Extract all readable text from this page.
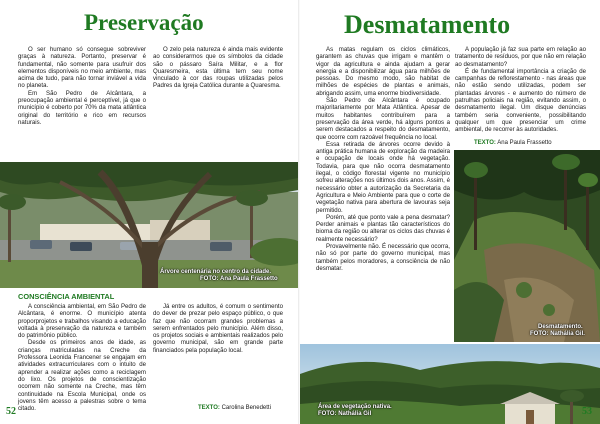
Preservação

O ser humano só consegue sobreviver graças à natureza. Portanto, preservar é fundamental, não somente para usufruir dos elementos disponíveis no meio ambiente, mas acima de tudo, para não tornar inviável a vida no planeta.

Em São Pedro de Alcântara, a preocupação ambiental é perceptível, já que o município é coberto por 70% da mata atlântica original do território e rico em recursos naturais.

O zelo pela natureza é ainda mais evidente ao considerarmos que os símbolos da cidade são o pássaro Saíra Militar, e a flor Quaresmeira, esta última tem seu nome vinculado à cor das roupas utilizadas pelos Padres da Igreja Católica durante a Quaresma.

Árvore centenária no centro da cidade.
FOTO: Ana Paula Frassetto
CONSCIÊNCIA AMBIENTAL

A consciência ambiental, em São Pedro de Alcântara, é enorme. O município atenta proporprojetos e trabalhos visando a educação voltada à preservação da natureza e também do patrimônio público.

Desde os primeiros anos de idade, as crianças matriculadas na Creche da Professora Leonida Francener se engajam em atividades extracurriculares com o intuito de aprender a realizar ações como a reciclagem do lixo. Os projetos de conscientização ocorrem não somente na Creche, mas têm continuidade na Escola Municipal, onde os jovens têm acesso a palestras sobre o tema citado.

Já entre os adultos, é comum o sentimento do dever de prezar pelo espaço público, o que faz que não ocorram grandes problemas a serem enfrentados pelo município. Além disso, os projetos sociais e ambientais realizados pelo governo municipal, são em grande parte financiados pela população local.

TEXTO: Carolina Benedetti
52
Desmatamento

As matas regulam os ciclos climáticos, garantem as chuvas que irrigam e mantêm o vigor da agricultura e ainda ajudam a gerar energia e a disponibilizar água para milhões de pessoas. Do mesmo modo, são habitat de milhões de espécies de plantas e animais, abrigando assim, uma enorme biodiversidade.

São Pedro de Alcântara é ocupado majoritariamente por Mata Atlântica. Apesar de muitos habitantes contribuírem para a preservação da área verde, há alguns pontos a serem destacados a respeito do desmatamento, que ocorre com razoável frequência no local.

Essa retirada de árvores ocorre devido à antiga prática humana de exploração da madeira e ocupação de locais onde há vegetação. Todavia, para que não ocorra desmatamento ilegal, o código florestal vigente no município sofreu alterações nos últimos dois anos. Assim, é necessário obter a autorização da Secretaria da Agricultura e Meio Ambiente para que o corte de vegetação nativa para abertura de lavouras seja permitido.

Porém, até que ponto vale a pena desmatar? Perder animais e plantas tão característicos do bioma da região ou alterar os ciclos das chuvas é realmente necessário?

Provavelmente não. É necessário que ocorra, não só por parte do governo municipal, mas também pelos moradores, a consciência de não desmatar.

A população já faz sua parte em relação ao tratamento de resíduos, por que não em relação ao desmatamento?

É de fundamental importância a criação de campanhas de reflorestamento - nas áreas que não estão sendo utilizadas, podem ser plantadas árvores - e aumento do número de patrulhas policiais na região, evitando assim, o desmatamento ilegal. Um disque denúncias também seria conveniente, possibilitando qualquer um que presenciar um crime ambiental, de recorrer às autoridades.

TEXTO: Ana Paula Frassetto
Desmatamento.
FOTO: Nathália Gil.
Área de vegetação nativa.
FOTO: Nathália Gil	53
